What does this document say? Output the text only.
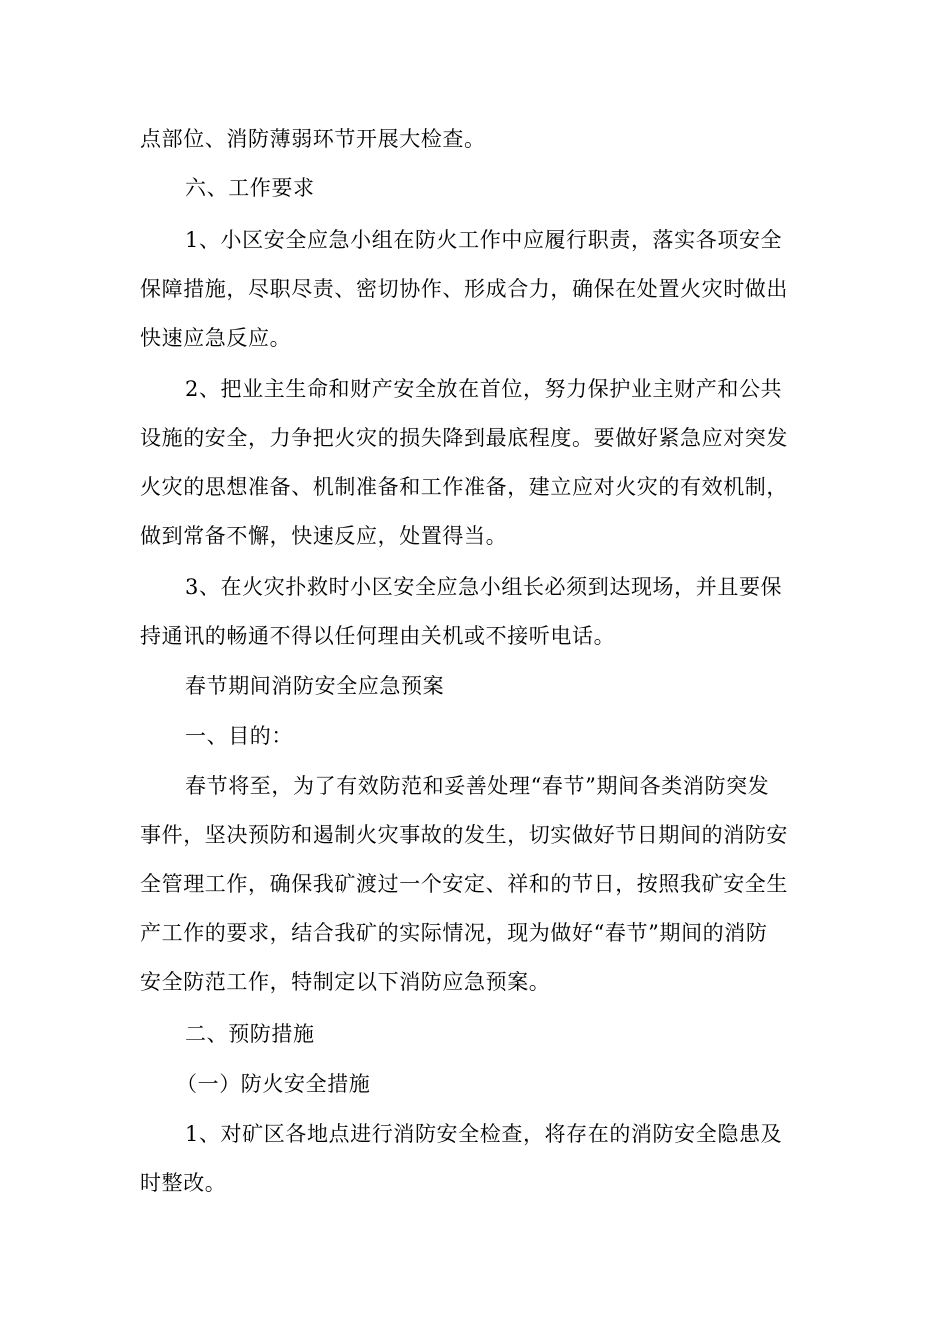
点部位、消防薄弱环节开展大检查。
六、工作要求
1、小区安全应急小组在防火工作中应履行职责，落实各项安全
保障措施，尽职尽责、密切协作、形成合力，确保在处置火灾时做出
快速应急反应。
2、把业主生命和财产安全放在首位，努力保护业主财产和公共
设施的安全，力争把火灾的损失降到最底程度。要做好紧急应对突发
火灾的思想准备、机制准备和工作准备，建立应对火灾的有效机制，
做到常备不懈，快速反应，处置得当。
3、在火灾扑救时小区安全应急小组长必须到达现场，并且要保
持通讯的畅通不得以任何理由关机或不接听电话。
春节期间消防安全应急预案
一、目的：
春节将至，为了有效防范和妥善处理“春节”期间各类消防突发
事件，坚决预防和遏制火灾事故的发生，切实做好节日期间的消防安
全管理工作，确保我矿渡过一个安定、祥和的节日，按照我矿安全生
产工作的要求，结合我矿的实际情况，现为做好“春节”期间的消防
安全防范工作，特制定以下消防应急预案。
二、预防措施
（一）防火安全措施
1、对矿区各地点进行消防安全检查，将存在的消防安全隐患及
时整改。
